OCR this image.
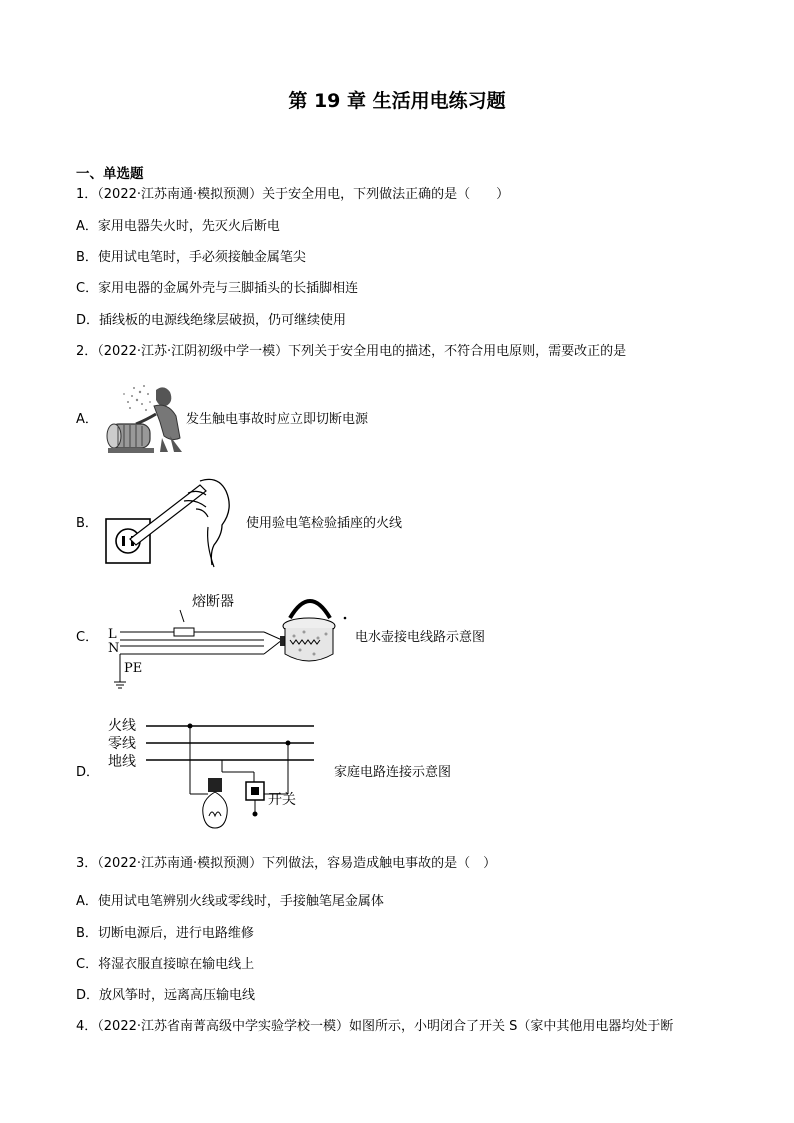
第 19 章 生活用电练习题
一、单选题
1．（2022·江苏南通·模拟预测）关于安全用电，下列做法正确的是（　　）
A．家用电器失火时，先灭火后断电
B．使用试电笔时，手必须接触金属笔尖
C．家用电器的金属外壳与三脚插头的长插脚相连
D．插线板的电源线绝缘层破损，仍可继续使用
2．（2022·江苏·江阴初级中学一模）下列关于安全用电的描述，不符合用电原则，需要改正的是
A．	发生触电事故时应立即切断电源
B．	使用验电笔检验插座的火线
C．
熔断器
L
N
PE
电水壶接电线路示意图
D．
火线
零线
地线
开关
家庭电路连接示意图
3．（2022·江苏南通·模拟预测）下列做法，容易造成触电事故的是（　）
A．使用试电笔辨别火线或零线时，手接触笔尾金属体
B．切断电源后，进行电路维修
C．将湿衣服直接晾在输电线上
D．放风筝时，远离高压输电线
4．（2022·江苏省南菁高级中学实验学校一模）如图所示，小明闭合了开关 S（家中其他用电器均处于断
